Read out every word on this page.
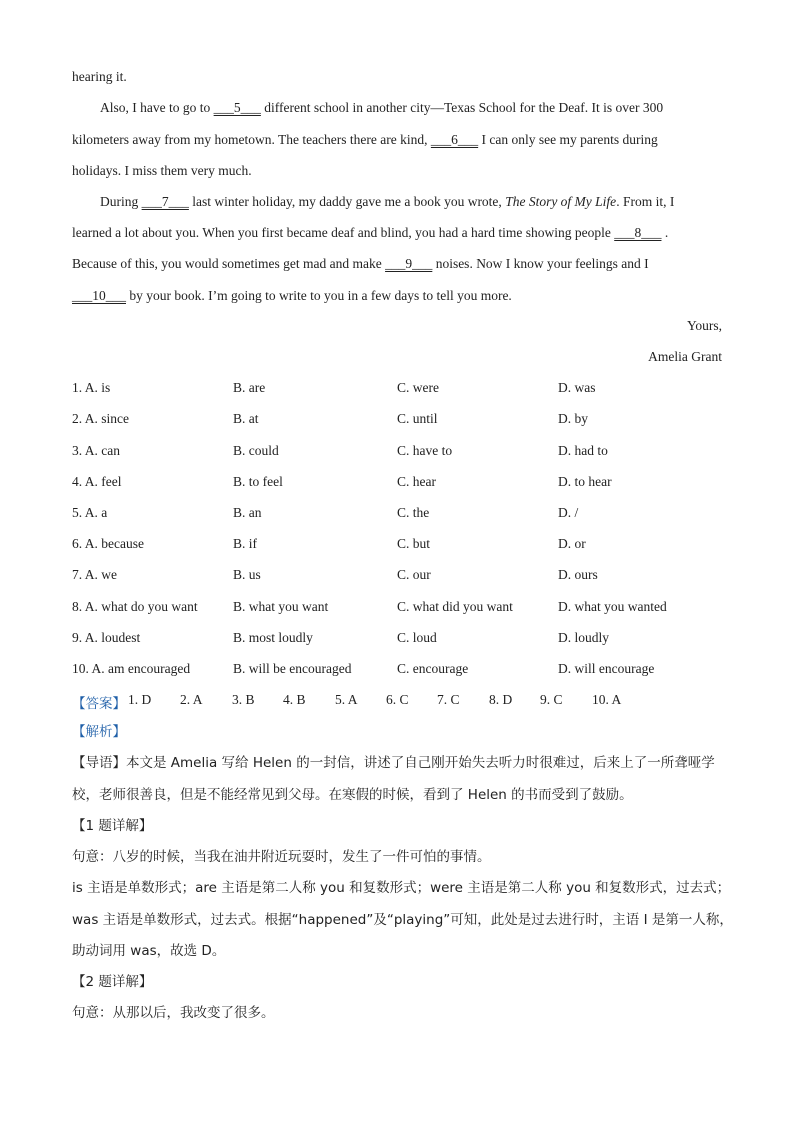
hearing it.
Also, I have to go to ___5___ different school in another city—Texas School for the Deaf. It is over 300
kilometers away from my hometown. The teachers there are kind, ___6___ I can only see my parents during
holidays. I miss them very much.
During ___7___ last winter holiday, my daddy gave me a book you wrote, The Story of My Life. From it, I
learned a lot about you. When you first became deaf and blind, you had a hard time showing people ___8___ .
Because of this, you would sometimes get mad and make ___9___ noises. Now I know your feelings and I
___10___ by your book. I’m going to write to you in a few days to tell you more.
Yours,
Amelia Grant
1. A. is	B. are	C. were	D. was
2. A. since	B. at	C. until	D. by
3. A. can	B. could	C. have to	D. had to
4. A. feel	B. to feel	C. hear	D. to hear
5. A. a	B. an	C. the	D. /
6. A. because	B. if	C. but	D. or
7. A. we	B. us	C. our	D. ours
8. A. what do you want	B. what you want	C. what did you want	D. what you wanted
9. A. loudest	B. most loudly	C. loud	D. loudly
10. A. am encouraged	B. will be encouraged	C. encourage	D. will encourage
【答案】 1. D 2. A 3. B 4. B 5. A 6. C 7. C 8. D 9. C 10. A
【解析】
【导语】本文是 Amelia 写给 Helen 的一封信，讲述了自己刚开始失去听力时很难过，后来上了一所聋哑学
校，老师很善良，但是不能经常见到父母。在寒假的时候，看到了 Helen 的书而受到了鼓励。
【1 题详解】
句意：八岁的时候，当我在油井附近玩耍时，发生了一件可怕的事情。
is 主语是单数形式；are 主语是第二人称 you 和复数形式；were 主语是第二人称 you 和复数形式，过去式；
was 主语是单数形式，过去式。根据“happened”及“playing”可知，此处是过去进行时，主语 I 是第一人称，
助动词用 was，故选 D。
【2 题详解】
句意：从那以后，我改变了很多。
